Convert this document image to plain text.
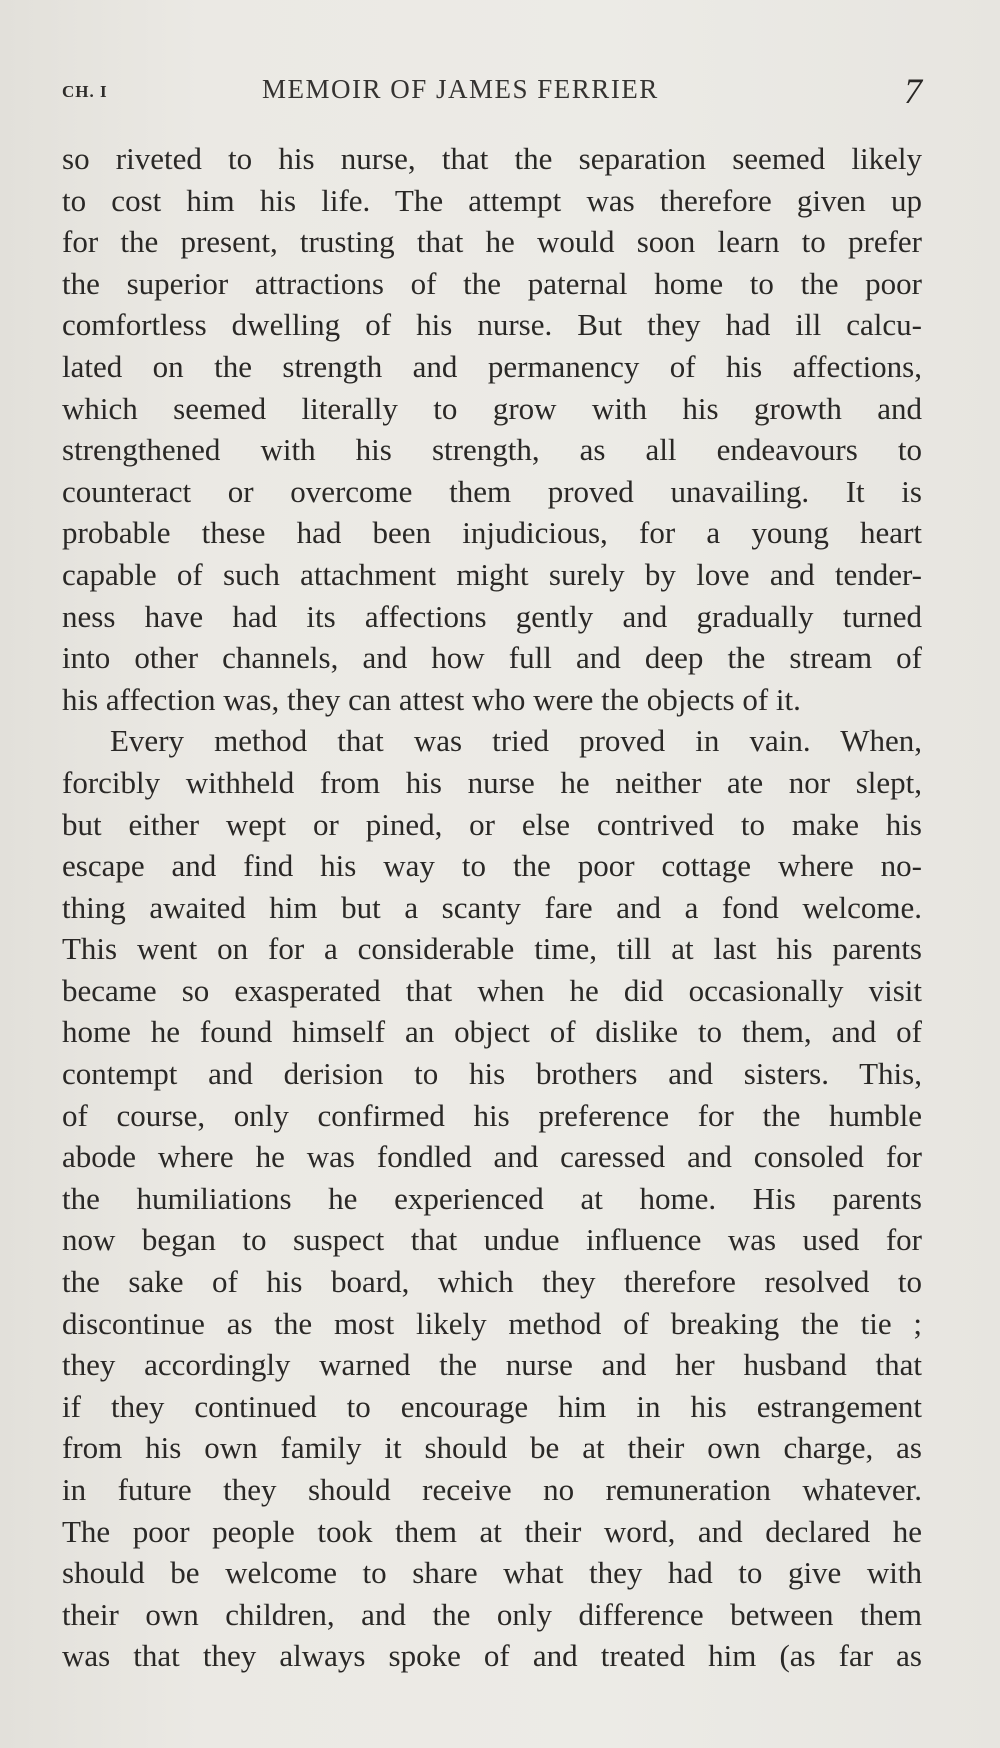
CH. I	MEMOIR OF JAMES FERRIER	7
so riveted to his nurse, that the separation seemed likely
to cost him his life. The attempt was therefore given up
for the present, trusting that he would soon learn to prefer
the superior attractions of the paternal home to the poor
comfortless dwelling of his nurse. But they had ill calcu-
lated on the strength and permanency of his affections,
which seemed literally to grow with his growth and
strengthened with his strength, as all endeavours to
counteract or overcome them proved unavailing. It is
probable these had been injudicious, for a young heart
capable of such attachment might surely by love and tender-
ness have had its affections gently and gradually turned
into other channels, and how full and deep the stream of
his affection was, they can attest who were the objects of it.
Every method that was tried proved in vain. When,
forcibly withheld from his nurse he neither ate nor slept,
but either wept or pined, or else contrived to make his
escape and find his way to the poor cottage where no-
thing awaited him but a scanty fare and a fond welcome.
This went on for a considerable time, till at last his parents
became so exasperated that when he did occasionally visit
home he found himself an object of dislike to them, and of
contempt and derision to his brothers and sisters. This,
of course, only confirmed his preference for the humble
abode where he was fondled and caressed and consoled for
the humiliations he experienced at home. His parents
now began to suspect that undue influence was used for
the sake of his board, which they therefore resolved to
discontinue as the most likely method of breaking the tie ;
they accordingly warned the nurse and her husband that
if they continued to encourage him in his estrangement
from his own family it should be at their own charge, as
in future they should receive no remuneration whatever.
The poor people took them at their word, and declared he
should be welcome to share what they had to give with
their own children, and the only difference between them
was that they always spoke of and treated him (as far as
